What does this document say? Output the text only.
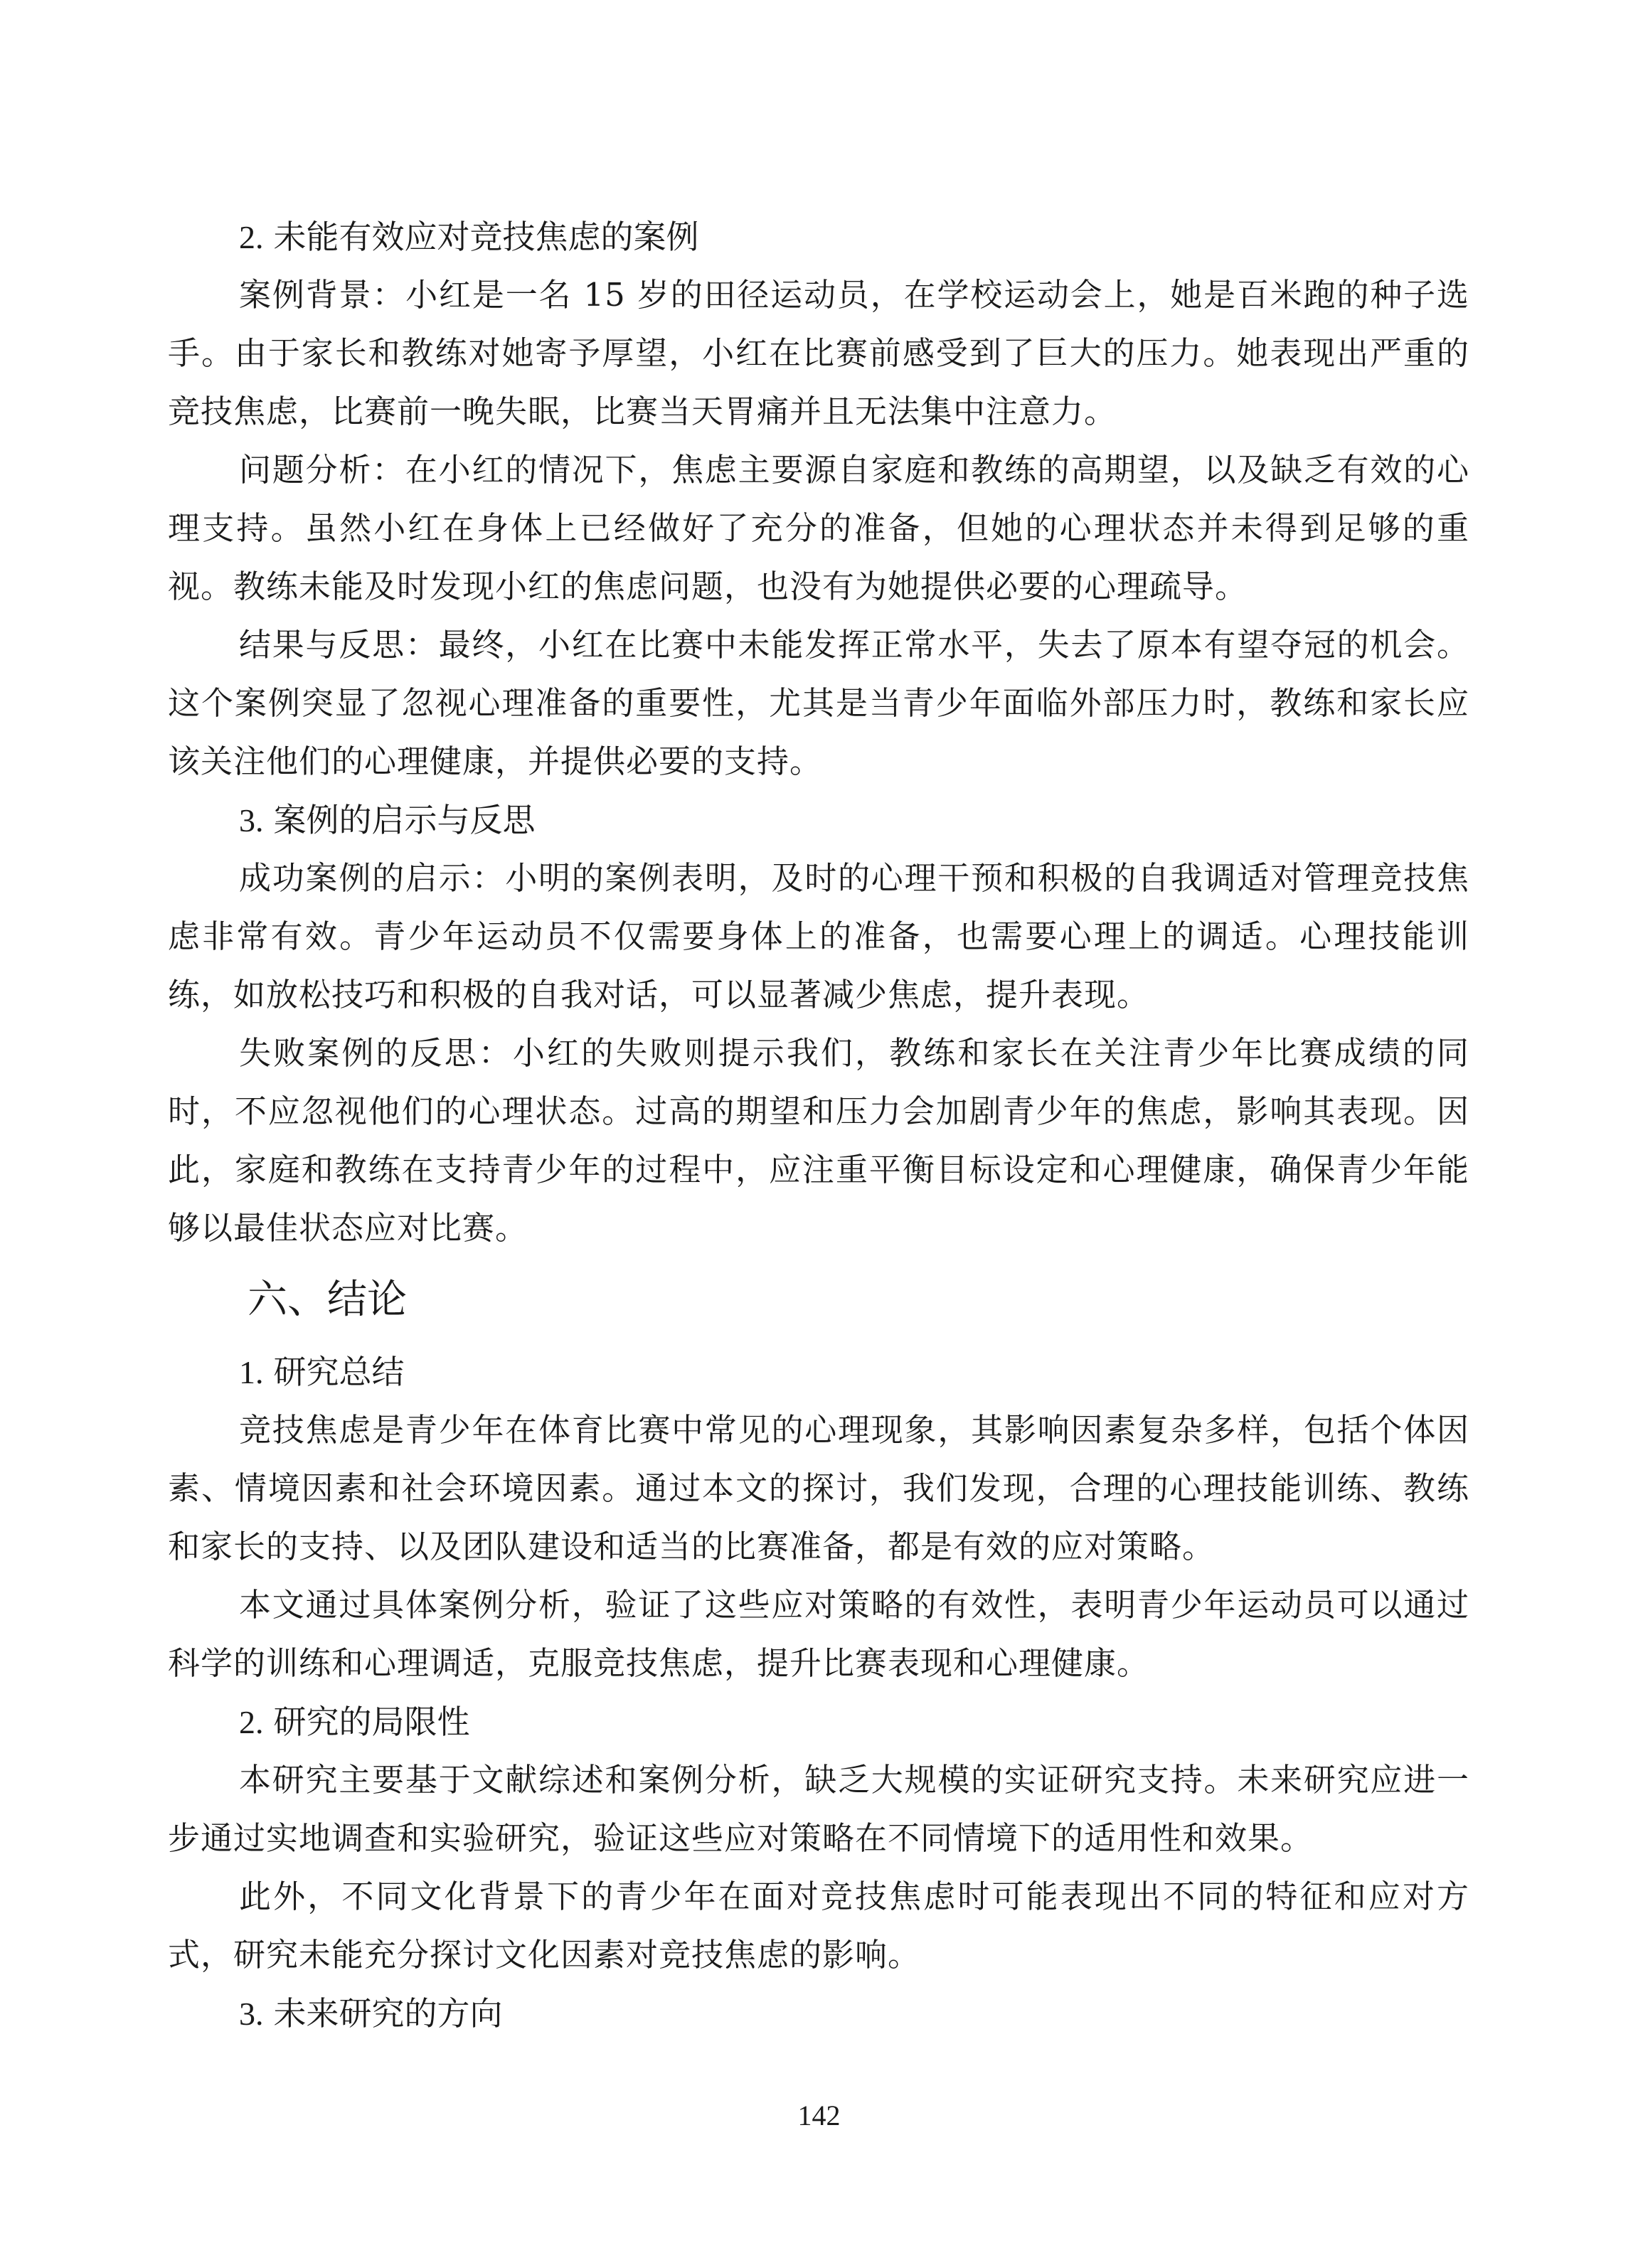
2. 未能有效应对竞技焦虑的案例

案例背景：小红是一名 15 岁的田径运动员，在学校运动会上，她是百米跑的种子选手。由于家长和教练对她寄予厚望，小红在比赛前感受到了巨大的压力。她表现出严重的竞技焦虑，比赛前一晚失眠，比赛当天胃痛并且无法集中注意力。

问题分析：在小红的情况下，焦虑主要源自家庭和教练的高期望，以及缺乏有效的心理支持。虽然小红在身体上已经做好了充分的准备，但她的心理状态并未得到足够的重视。教练未能及时发现小红的焦虑问题，也没有为她提供必要的心理疏导。

结果与反思：最终，小红在比赛中未能发挥正常水平，失去了原本有望夺冠的机会。这个案例突显了忽视心理准备的重要性，尤其是当青少年面临外部压力时，教练和家长应该关注他们的心理健康，并提供必要的支持。

3. 案例的启示与反思

成功案例的启示：小明的案例表明，及时的心理干预和积极的自我调适对管理竞技焦虑非常有效。青少年运动员不仅需要身体上的准备，也需要心理上的调适。心理技能训练，如放松技巧和积极的自我对话，可以显著减少焦虑，提升表现。

失败案例的反思：小红的失败则提示我们，教练和家长在关注青少年比赛成绩的同时，不应忽视他们的心理状态。过高的期望和压力会加剧青少年的焦虑，影响其表现。因此，家庭和教练在支持青少年的过程中，应注重平衡目标设定和心理健康，确保青少年能够以最佳状态应对比赛。

六、结论
1. 研究总结

竞技焦虑是青少年在体育比赛中常见的心理现象，其影响因素复杂多样，包括个体因素、情境因素和社会环境因素。通过本文的探讨，我们发现，合理的心理技能训练、教练和家长的支持、以及团队建设和适当的比赛准备，都是有效的应对策略。

本文通过具体案例分析，验证了这些应对策略的有效性，表明青少年运动员可以通过科学的训练和心理调适，克服竞技焦虑，提升比赛表现和心理健康。

2. 研究的局限性

本研究主要基于文献综述和案例分析，缺乏大规模的实证研究支持。未来研究应进一步通过实地调查和实验研究，验证这些应对策略在不同情境下的适用性和效果。

此外，不同文化背景下的青少年在面对竞技焦虑时可能表现出不同的特征和应对方式，研究未能充分探讨文化因素对竞技焦虑的影响。

3. 未来研究的方向
142
